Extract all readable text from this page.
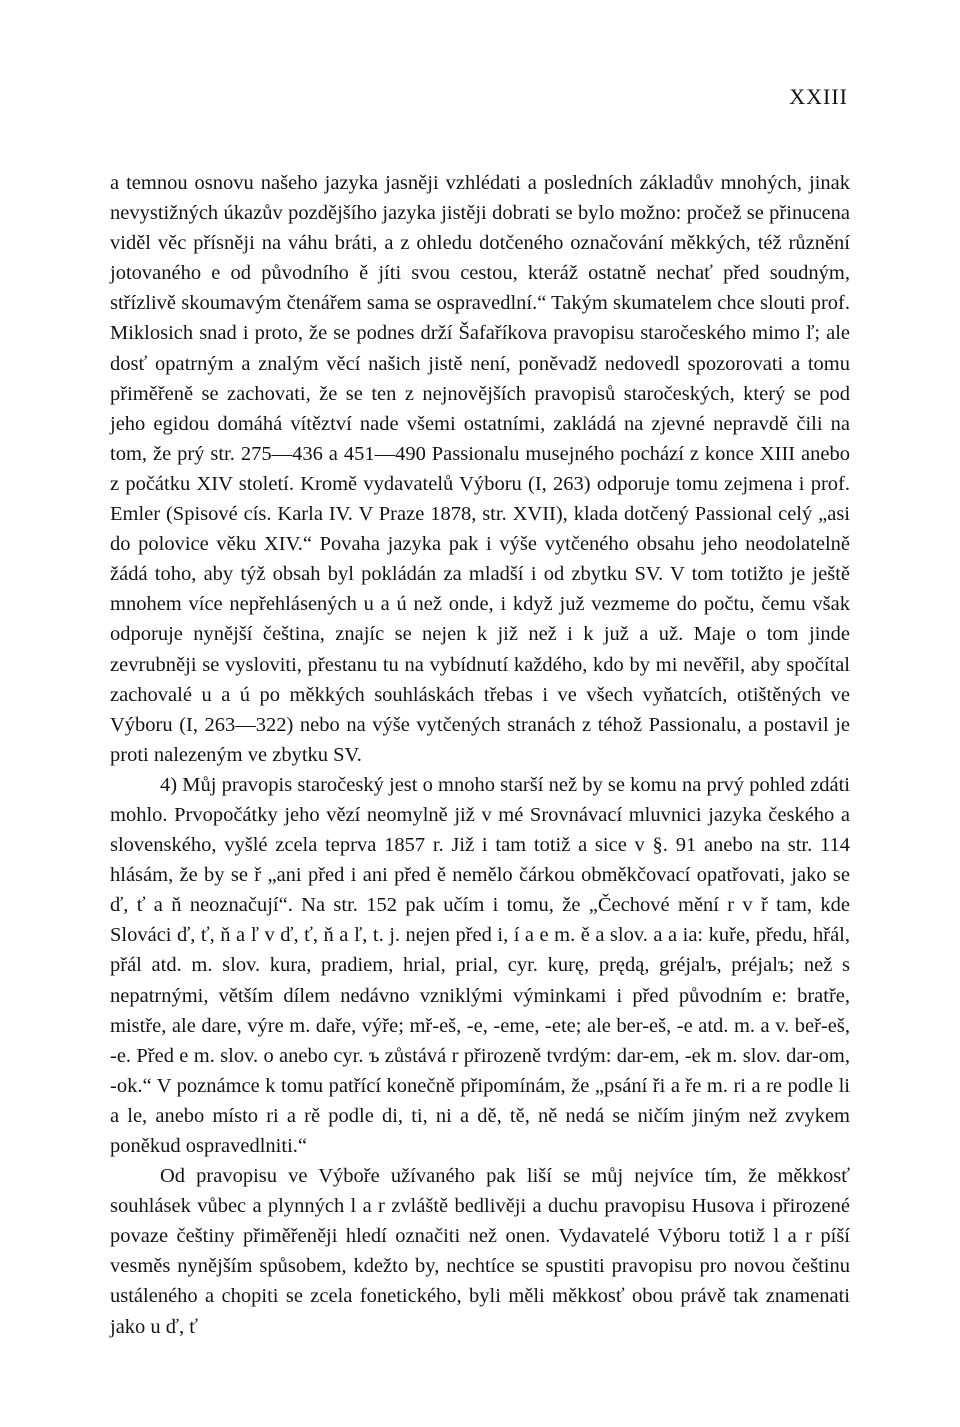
XXIII

a temnou osnovu našeho jazyka jasněji vzhlédati a posledních základův mnohých, jinak nevystižných úkazův pozdějšího jazyka jistěji dobrati se bylo možno: pročež se přinucena viděl věc přísněji na váhu bráti, a z ohledu dotčeného označování měkkých, též různění jotovaného e od původního ě jíti svou cestou, kteráž ostatně nechať před soudným, střízlivě skoumavým čtenářem sama se ospravedlní.“ Takým skumatelem chce slouti prof. Miklosich snad i proto, že se podnes drží Šafaříkova pravopisu staročeského mimo ľ; ale dosť opatrným a znalým věcí našich jistě není, poněvadž nedovedl spozorovati a tomu přiměřeně se zachovati, že se ten z nejnovějších pravopisů staročeských, který se pod jeho egidou domáhá vítěztví nade všemi ostatními, zakládá na zjevné nepravdě čili na tom, že prý str. 275—436 a 451—490 Passionalu musejného pochází z konce XIII anebo z počátku XIV století. Kromě vydavatelů Výboru (I, 263) odporuje tomu zejmena i prof. Emler (Spisové cís. Karla IV. V Praze 1878, str. XVII), klada dotčený Passional celý „asi do polovice věku XIV.“ Povaha jazyka pak i výše vytčeného obsahu jeho neodolatelně žádá toho, aby týž obsah byl pokládán za mladší i od zbytku SV. V tom totižto je ještě mnohem více nepřehlásených u a ú než onde, i když juž vezmeme do počtu, čemu však odporuje nynější čeština, znajíc se nejen k již než i k juž a už. Maje o tom jinde zevrubněji se vysloviti, přestanu tu na vybídnutí každého, kdo by mi nevěřil, aby spočítal zachovalé u a ú po měkkých souhláskách třebas i ve všech vyňatcích, otištěných ve Výboru (I, 263—322) nebo na výše vytčených stranách z téhož Passionalu, a postavil je proti nalezeným ve zbytku SV.

4) Můj pravopis staročeský jest o mnoho starší než by se komu na prvý pohled zdáti mohlo. Prvopočátky jeho vězí neomylně již v mé Srovnávací mluvnici jazyka českého a slovenského, vyšlé zcela teprva 1857 r. Již i tam totiž a sice v §. 91 anebo na str. 114 hlásám, že by se ř „ani před i ani před ě nemělo čárkou obměkčovací opatřovati, jako se ď, ť a ň neoznačují“. Na str. 152 pak učím i tomu, že „Čechové mění r v ř tam, kde Slováci ď, ť, ň a ľ v ď, ť, ň a ľ, t. j. nejen před i, í a e m. ě a slov. a a ia: kuře, předu, hřál, přál atd. m. slov. kura, pradiem, hrial, prial, cyr. kurę, prędą, gréjalъ, préjalъ; než s nepatrnými, větším dílem nedávno vzniklými výminkami i před původním e: bratře, mistře, ale dare, výre m. daře, výře; mř-eš, -e, -eme, -ete; ale ber-eš, -e atd. m. a v. beř-eš, -e. Před e m. slov. o anebo cyr. ъ zůstává r přirozeně tvrdým: dar-em, -ek m. slov. dar-om, -ok.“ V poznámce k tomu patřící konečně připomínám, že „psání ři a ře m. ri a re podle li a le, anebo místo ri a rě podle di, ti, ni a dě, tě, ně nedá se ničím jiným než zvykem poněkud ospravedlniti.“

Od pravopisu ve Výboře užívaného pak liší se můj nejvíce tím, že měkkosť souhlásek vůbec a plynných l a r zvláště bedlivěji a duchu pravopisu Husova i přirozené povaze češtiny přiměřeněji hledí označiti než onen. Vydavatelé Výboru totiž l a r píší vesměs nynějším spůsobem, kdežto by, nechtíce se spustiti pravopisu pro novou češtinu ustáleného a chopiti se zcela fonetického, byli měli měkkosť obou právě tak znamenati jako u ď, ť
